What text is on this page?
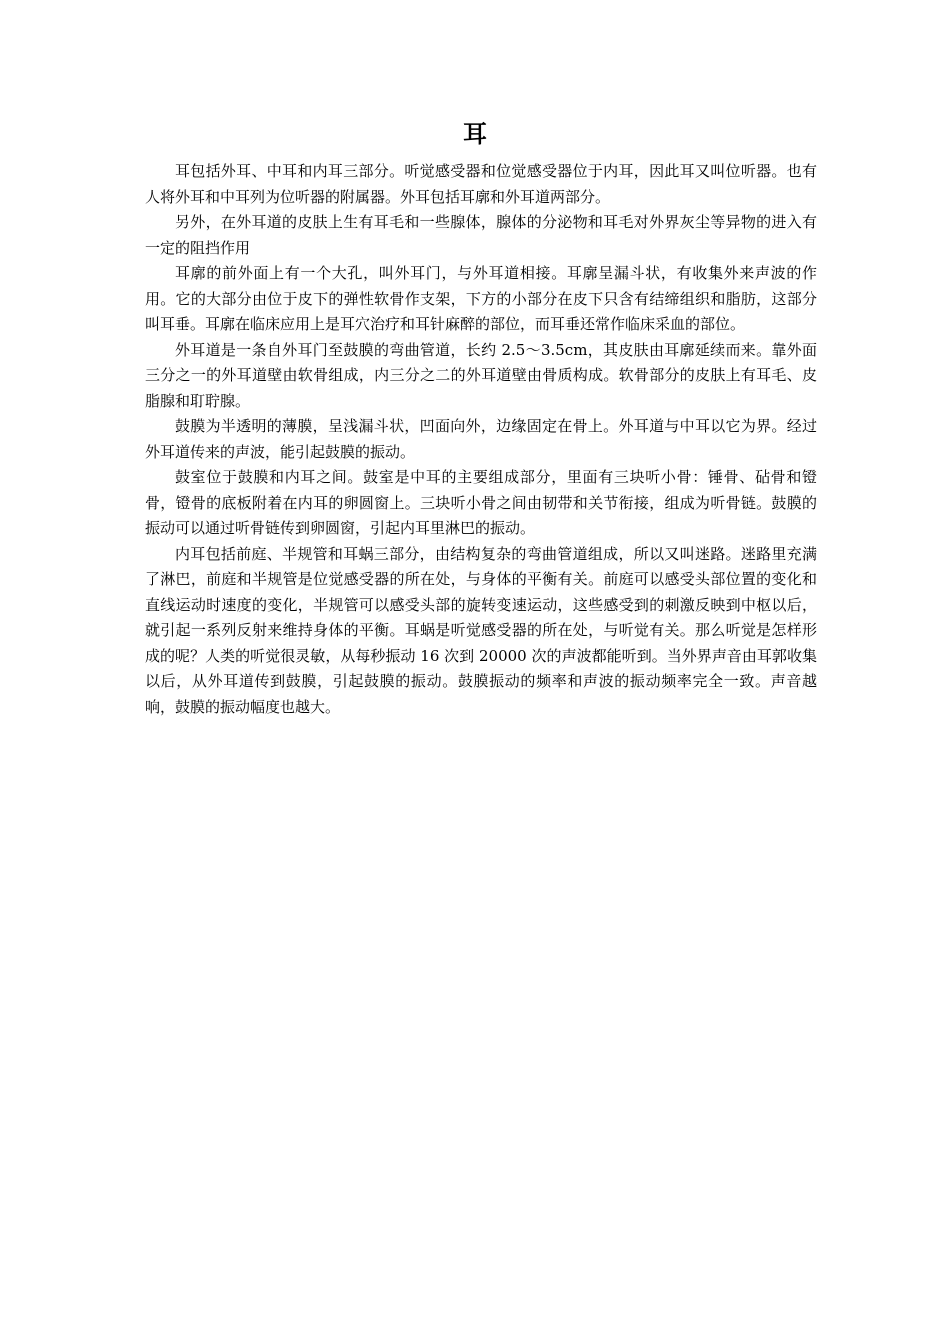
耳

耳包括外耳、中耳和内耳三部分。听觉感受器和位觉感受器位于内耳，因此耳又叫位听器。也有人将外耳和中耳列为位听器的附属器。外耳包括耳廓和外耳道两部分。

另外，在外耳道的皮肤上生有耳毛和一些腺体，腺体的分泌物和耳毛对外界灰尘等异物的进入有一定的阻挡作用

耳廓的前外面上有一个大孔，叫外耳门，与外耳道相接。耳廓呈漏斗状，有收集外来声波的作用。它的大部分由位于皮下的弹性软骨作支架，下方的小部分在皮下只含有结缔组织和脂肪，这部分叫耳垂。耳廓在临床应用上是耳穴治疗和耳针麻醉的部位，而耳垂还常作临床采血的部位。

外耳道是一条自外耳门至鼓膜的弯曲管道，长约 2.5～3.5cm，其皮肤由耳廓延续而来。靠外面三分之一的外耳道壁由软骨组成，内三分之二的外耳道壁由骨质构成。软骨部分的皮肤上有耳毛、皮脂腺和耵聍腺。

鼓膜为半透明的薄膜，呈浅漏斗状，凹面向外，边缘固定在骨上。外耳道与中耳以它为界。经过外耳道传来的声波，能引起鼓膜的振动。

鼓室位于鼓膜和内耳之间。鼓室是中耳的主要组成部分，里面有三块听小骨：锤骨、砧骨和镫骨，镫骨的底板附着在内耳的卵圆窗上。三块听小骨之间由韧带和关节衔接，组成为听骨链。鼓膜的振动可以通过听骨链传到卵圆窗，引起内耳里淋巴的振动。

内耳包括前庭、半规管和耳蜗三部分，由结构复杂的弯曲管道组成，所以又叫迷路。迷路里充满了淋巴，前庭和半规管是位觉感受器的所在处，与身体的平衡有关。前庭可以感受头部位置的变化和直线运动时速度的变化，半规管可以感受头部的旋转变速运动，这些感受到的刺激反映到中枢以后，就引起一系列反射来维持身体的平衡。耳蜗是听觉感受器的所在处，与听觉有关。那么听觉是怎样形成的呢？人类的听觉很灵敏，从每秒振动 16 次到 20000 次的声波都能听到。当外界声音由耳郭收集以后，从外耳道传到鼓膜，引起鼓膜的振动。鼓膜振动的频率和声波的振动频率完全一致。声音越响，鼓膜的振动幅度也越大。
